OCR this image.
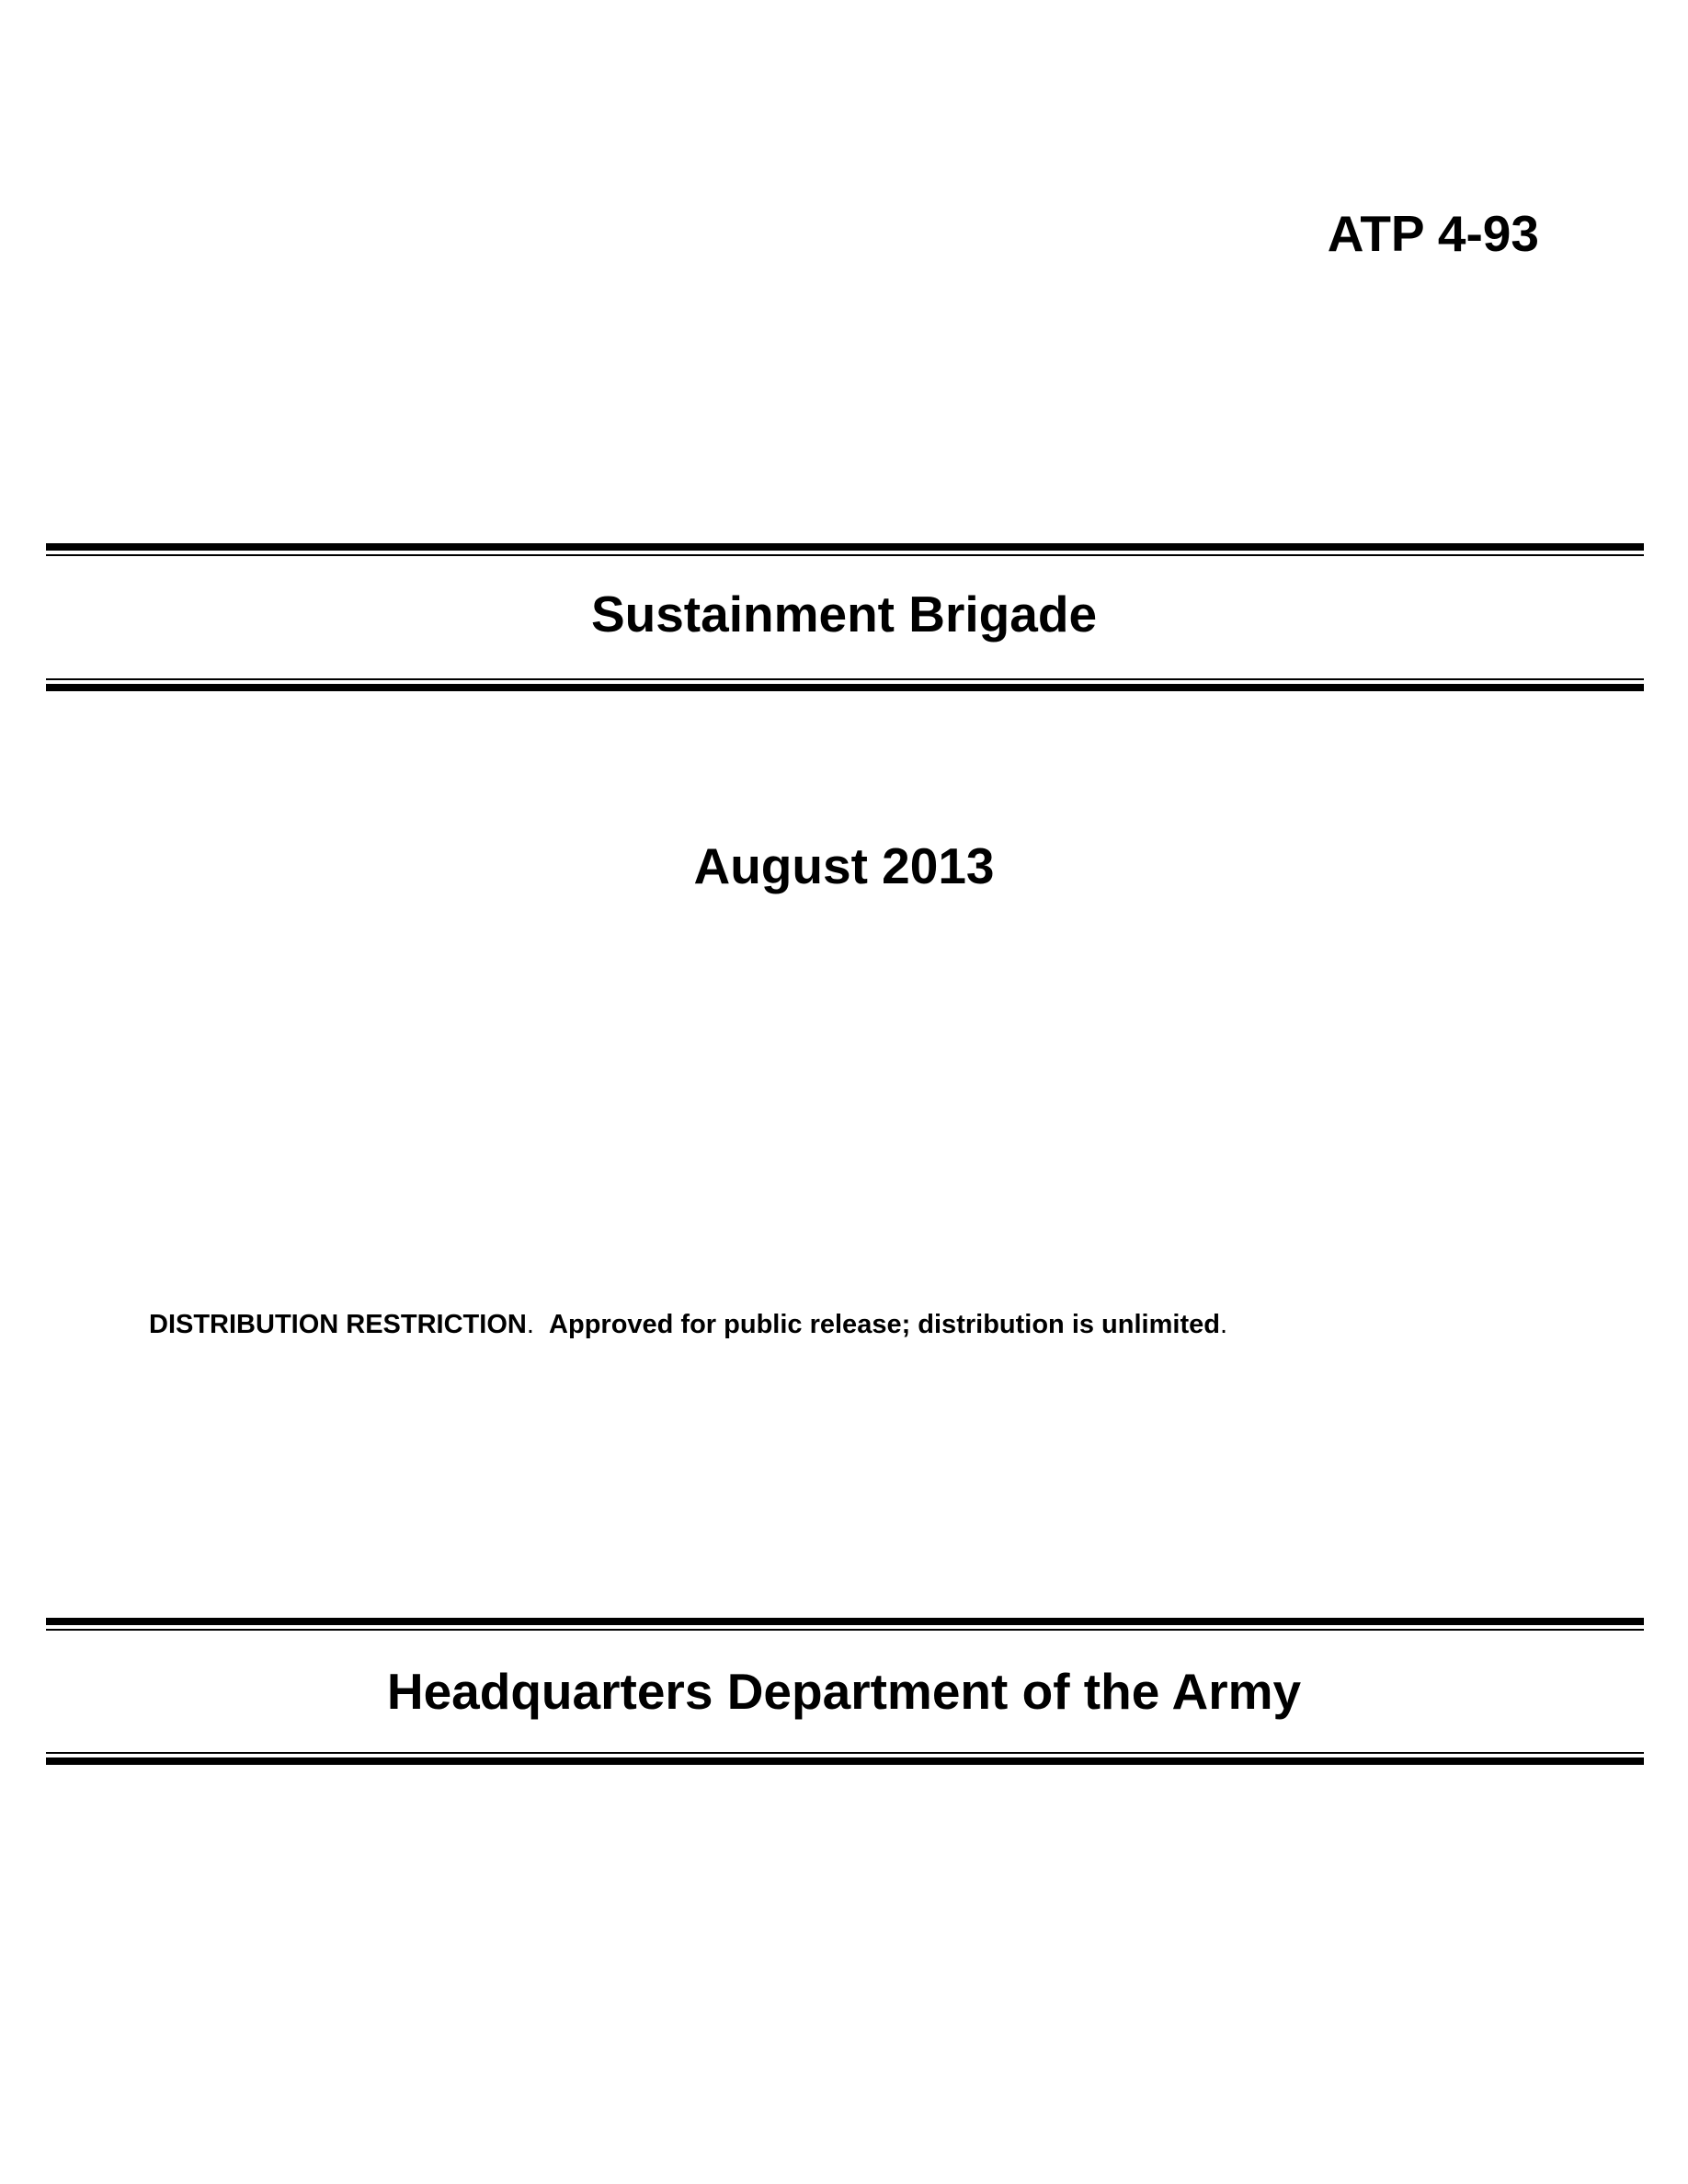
ATP 4-93
Sustainment Brigade
August 2013
DISTRIBUTION RESTRICTION. Approved for public release; distribution is unlimited.
Headquarters Department of the Army
